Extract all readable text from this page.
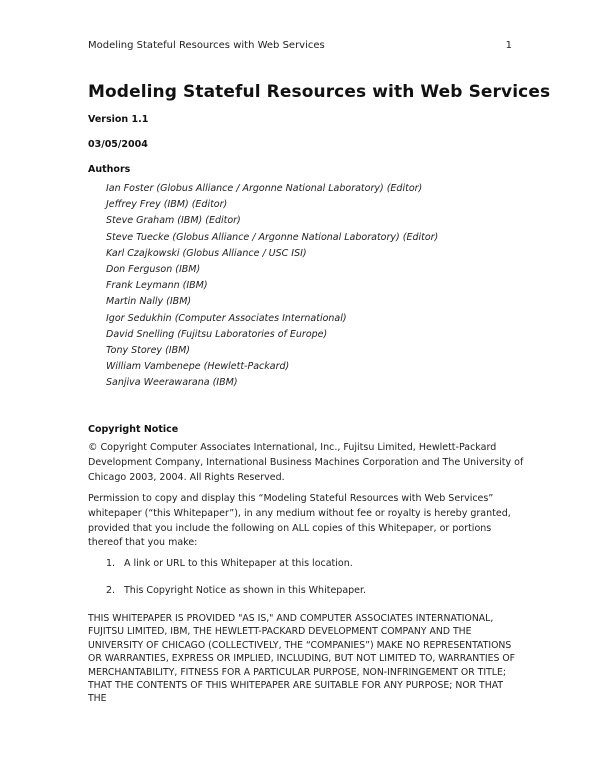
Modeling Stateful Resources with Web Services	1
Modeling Stateful Resources with Web Services
Version 1.1
03/05/2004
Authors
Ian Foster (Globus Alliance / Argonne National Laboratory) (Editor)
Jeffrey Frey (IBM) (Editor)
Steve Graham (IBM) (Editor)
Steve Tuecke (Globus Alliance / Argonne National Laboratory) (Editor)
Karl Czajkowski (Globus Alliance / USC ISI)
Don Ferguson (IBM)
Frank Leymann (IBM)
Martin Nally (IBM)
Igor Sedukhin (Computer Associates International)
David Snelling (Fujitsu Laboratories of Europe)
Tony Storey (IBM)
William Vambenepe (Hewlett-Packard)
Sanjiva Weerawarana (IBM)
Copyright Notice
© Copyright Computer Associates International, Inc., Fujitsu Limited, Hewlett-Packard Development Company, International Business Machines Corporation and The University of Chicago 2003, 2004. All Rights Reserved.
Permission to copy and display this “Modeling Stateful Resources with Web Services” whitepaper (“this Whitepaper”), in any medium without fee or royalty is hereby granted, provided that you include the following on ALL copies of this Whitepaper, or portions thereof that you make:
1. A link or URL to this Whitepaper at this location.
2. This Copyright Notice as shown in this Whitepaper.
THIS WHITEPAPER IS PROVIDED "AS IS," AND COMPUTER ASSOCIATES INTERNATIONAL, FUJITSU LIMITED, IBM, THE HEWLETT-PACKARD DEVELOPMENT COMPANY AND THE UNIVERSITY OF CHICAGO (COLLECTIVELY, THE “COMPANIES”) MAKE NO REPRESENTATIONS OR WARRANTIES, EXPRESS OR IMPLIED, INCLUDING, BUT NOT LIMITED TO, WARRANTIES OF MERCHANTABILITY, FITNESS FOR A PARTICULAR PURPOSE, NON-INFRINGEMENT OR TITLE; THAT THE CONTENTS OF THIS WHITEPAPER ARE SUITABLE FOR ANY PURPOSE; NOR THAT THE
